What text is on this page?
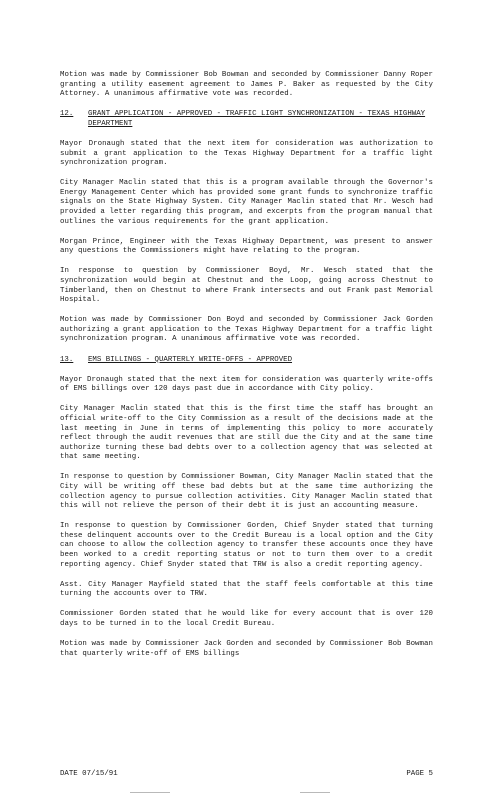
Motion was made by Commissioner Bob Bowman and seconded by Commissioner Danny Roper granting a utility easement agreement to James P. Baker as requested by the City Attorney. A unanimous affirmative vote was recorded.

12.	GRANT APPLICATION - APPROVED - TRAFFIC LIGHT SYNCHRONIZATION - TEXAS HIGHWAY DEPARTMENT

Mayor Dronaugh stated that the next item for consideration was authorization to submit a grant application to the Texas Highway Department for a traffic light synchronization program.

City Manager Maclin stated that this is a program available through the Governor's Energy Management Center which has provided some grant funds to synchronize traffic signals on the State Highway System. City Manager Maclin stated that Mr. Wesch had provided a letter regarding this program, and excerpts from the program manual that outlines the various requirements for the grant application.

Morgan Prince, Engineer with the Texas Highway Department, was present to answer any questions the Commissioners might have relating to the program.

In response to question by Commissioner Boyd, Mr. Wesch stated that the synchronization would begin at Chestnut and the Loop, going across Chestnut to Timberland, then on Chestnut to where Frank intersects and out Frank past Memorial Hospital.

Motion was made by Commissioner Don Boyd and seconded by Commissioner Jack Gorden authorizing a grant application to the Texas Highway Department for a traffic light synchronization program. A unanimous affirmative vote was recorded.

13.	EMS BILLINGS - QUARTERLY WRITE-OFFS - APPROVED

Mayor Dronaugh stated that the next item for consideration was quarterly write-offs of EMS billings over 120 days past due in accordance with City policy.

City Manager Maclin stated that this is the first time the staff has brought an official write-off to the City Commission as a result of the decisions made at the last meeting in June in terms of implementing this policy to more accurately reflect through the audit revenues that are still due the City and at the same time authorize turning these bad debts over to a collection agency that was selected at that same meeting.

In response to question by Commissioner Bowman, City Manager Maclin stated that the City will be writing off these bad debts but at the same time authorizing the collection agency to pursue collection activities. City Manager Maclin stated that this will not relieve the person of their debt it is just an accounting measure.

In response to question by Commissioner Gorden, Chief Snyder stated that turning these delinquent accounts over to the Credit Bureau is a local option and the City can choose to allow the collection agency to transfer these accounts once they have been worked to a credit reporting status or not to turn them over to a credit reporting agency. Chief Snyder stated that TRW is also a credit reporting agency.

Asst. City Manager Mayfield stated that the staff feels comfortable at this time turning the accounts over to TRW.

Commissioner Gorden stated that he would like for every account that is over 120 days to be turned in to the local Credit Bureau.

Motion was made by Commissioner Jack Gorden and seconded by Commissioner Bob Bowman that quarterly write-off of EMS billings

DATE 07/15/91	PAGE 5
